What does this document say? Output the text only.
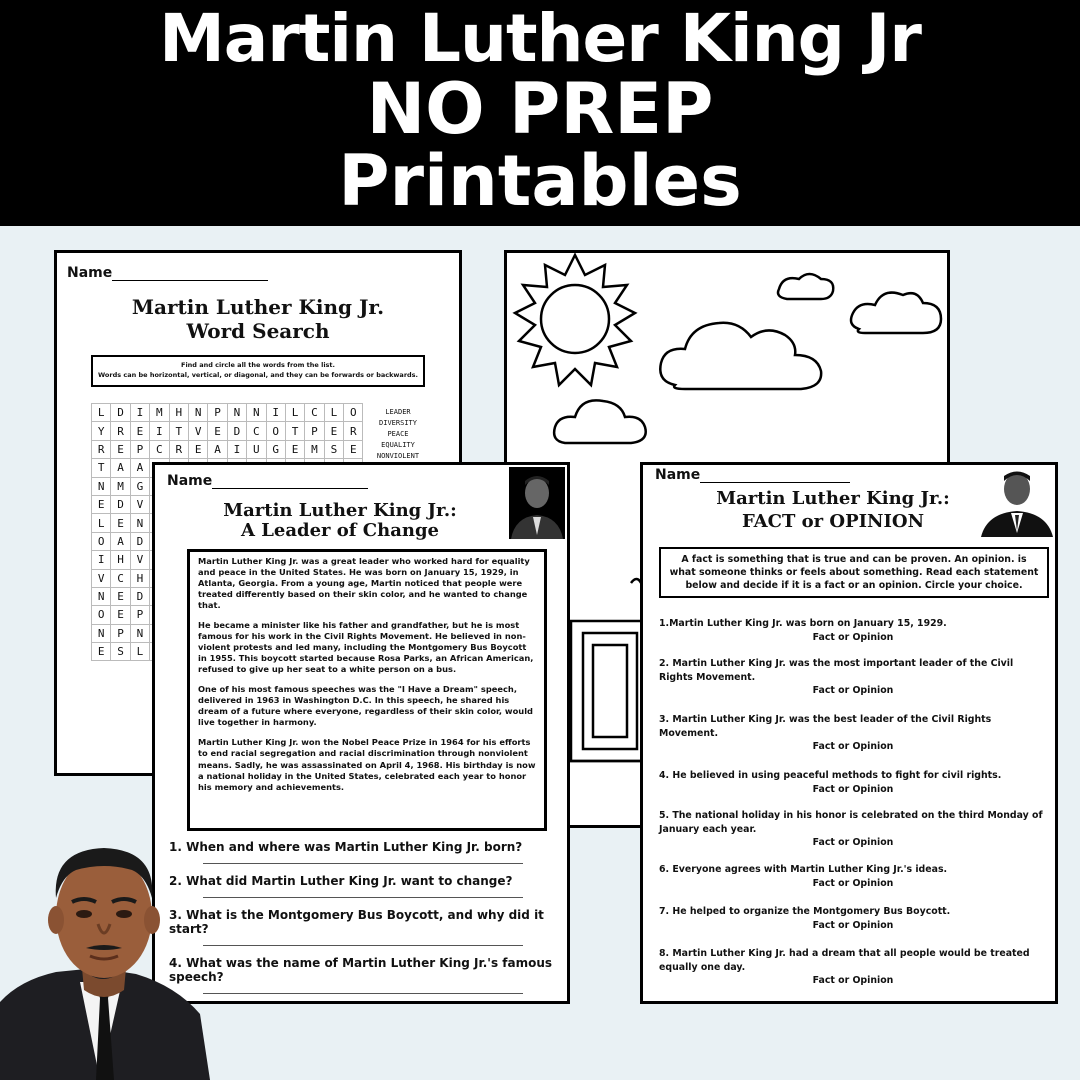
Martin Luther King Jr
NO PREP
Printables
Name
Martin Luther King Jr.
Word Search
Find and circle all the words from the list.
Words can be horizontal, vertical, or diagonal, and they can be forwards or backwards.
L	D	I	M	H	N	P	N	N	I	L	C	L	O
Y	R	E	I	T	V	E	D	C	O	T	P	E	R
R	E	P	C	R	E	A	I	U	G	E	M	S	E
T	A	A											
N	M	G											
E	D	V											
L	E	N											
O	A	D											
I	H	V											
V	C	H											
N	E	D											
O	E	P											
N	P	N											
E	S	L											
LEADER
DIVERSITY
PEACE
EQUALITY
NONVIOLENT
Name
Martin Luther King Jr.:
A Leader of Change

Martin Luther King Jr. was a great leader who worked hard for equality and peace in the United States. He was born on January 15, 1929, in Atlanta, Georgia. From a young age, Martin noticed that people were treated differently based on their skin color, and he wanted to change that.

He became a minister like his father and grandfather, but he is most famous for his work in the Civil Rights Movement. He believed in non-violent protests and led many, including the Montgomery Bus Boycott in 1955. This boycott started because Rosa Parks, an African American, refused to give up her seat to a white person on a bus.

One of his most famous speeches was the "I Have a Dream" speech, delivered in 1963 in Washington D.C. In this speech, he shared his dream of a future where everyone, regardless of their skin color, would live together in harmony.

Martin Luther King Jr. won the Nobel Peace Prize in 1964 for his efforts to end racial segregation and racial discrimination through nonviolent means. Sadly, he was assassinated on April 4, 1968. His birthday is now a national holiday in the United States, celebrated each year to honor his memory and achievements.

1. When and where was Martin Luther King Jr. born?
2. What did Martin Luther King Jr. want to change?
3. What is the Montgomery Bus Boycott, and why did it start?
4. What was the name of Martin Luther King Jr.'s famous speech?
Name
Martin Luther King Jr.:
FACT or OPINION
A fact is something that is true and can be proven. An opinion. is what someone thinks or feels about something. Read each statement below and decide if it is a fact or an opinion. Circle your choice.
1.Martin Luther King Jr. was born on January 15, 1929.
Fact or Opinion
2. Martin Luther King Jr. was the most important leader of the Civil Rights Movement.
Fact or Opinion
3. Martin Luther King Jr. was the best leader of the Civil Rights Movement.
Fact or Opinion
4. He believed in using peaceful methods to fight for civil rights.
Fact or Opinion
5. The national holiday in his honor is celebrated on the third Monday of January each year.
Fact or Opinion
6. Everyone agrees with Martin Luther King Jr.'s ideas.
Fact or Opinion
7. He helped to organize the Montgomery Bus Boycott.
Fact or Opinion
8. Martin Luther King Jr. had a dream that all people would be treated equally one day.
Fact or Opinion
